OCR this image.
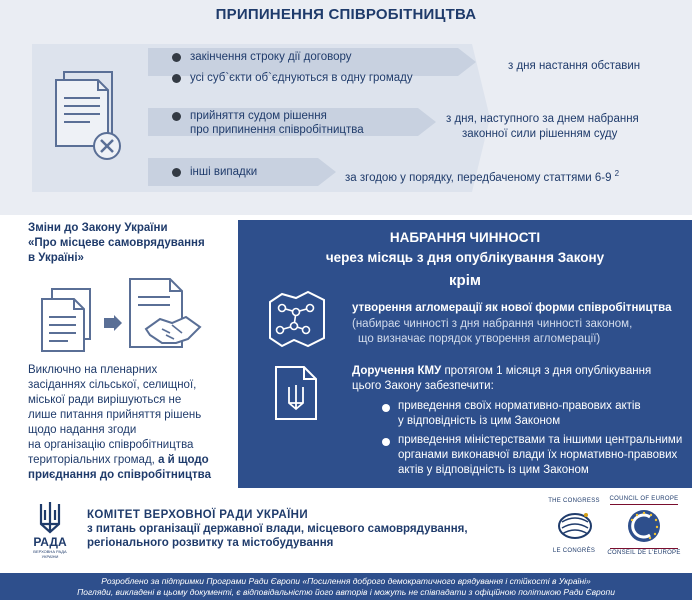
ПРИПИНЕННЯ СПІВРОБІТНИЦТВА
закінчення строку дії договору
усі суб`єкти об`єднуються в одну громаду
прийняття судом рішення
про припинення співробітництва
інші випадки
з дня настання обставин
з дня, наступного за днем набрання
законної сили рішенням суду
за згодою у порядку, передбаченому статтями 6-9 $^2$
Зміни до Закону України
«Про місцеве самоврядування
в Україні»
Виключно на пленарних
засіданнях сільської, селищної,
міської ради вирішуються не
лише питання прийняття рішень
щодо надання згоди
на організацію співробітництва
територіальних громад, а й щодо
приєднання до співробітництва
НАБРАННЯ ЧИННОСТІ
через місяць з дня опублікування Закону
крім
утворення агломерації як нової форми співробітництва
(набирає чинності з дня набрання чинності законом,
що визначає порядок утворення агломерації)
Доручення КМУ протягом 1 місяця з дня опублікування
цього Закону забезпечити:
приведення своїх нормативно-правових актів
у відповідність із цим Законом
приведення міністерствами та іншими центральними
органами виконавчої влади їх нормативно-правових
актів у відповідність із цим Законом
РАДА
ВЕРХОВНА РАДА
УКРАЇНИ
КОМІТЕТ ВЕРХОВНОЇ РАДИ УКРАЇНИ
з питань організації державної влади, місцевого самоврядування,
регіонального розвитку та містобудування
THE CONGRESS
LE CONGRÈS
COUNCIL OF EUROPE
CONSEIL DE L'EUROPE
Розроблено за підтримки Програми Ради Європи «Посилення доброго демократичного врядування і стійкості в Україні»
Погляди, викладені в цьому документі, є відповідальністю його авторів і можуть не співпадати з офіційною політикою Ради Європи
